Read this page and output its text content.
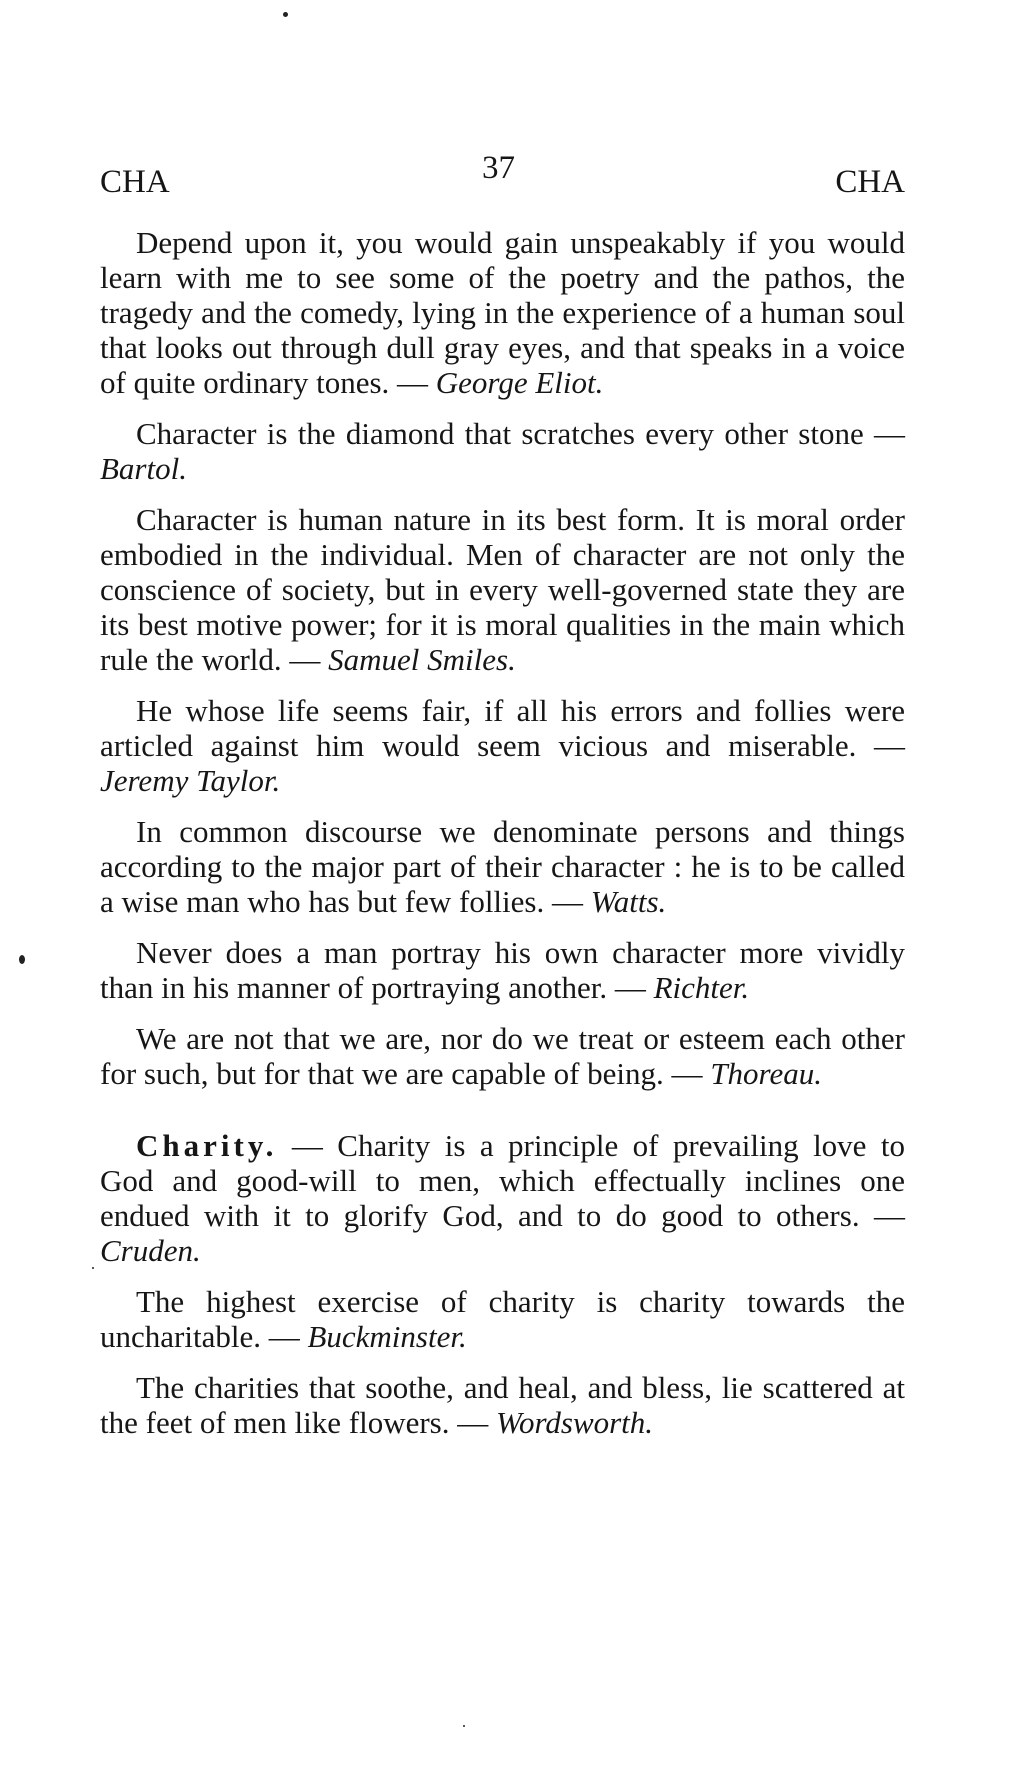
CHA	37	CHA

Depend upon it, you would gain unspeakably if you would learn with me to see some of the poetry and the pathos, the tragedy and the comedy, lying in the experience of a human soul that looks out through dull gray eyes, and that speaks in a voice of quite ordinary tones. — George Eliot.

Character is the diamond that scratches every other stone — Bartol.

Character is human nature in its best form. It is moral order embodied in the individual. Men of character are not only the conscience of society, but in every well-governed state they are its best motive power; for it is moral qualities in the main which rule the world. — Samuel Smiles.

He whose life seems fair, if all his errors and follies were articled against him would seem vicious and miserable. — Jeremy Taylor.

In common discourse we denominate persons and things according to the major part of their character : he is to be called a wise man who has but few follies. — Watts.

Never does a man portray his own character more vividly than in his manner of portraying another. — Richter.

We are not that we are, nor do we treat or esteem each other for such, but for that we are capable of being. — Thoreau.

Charity. — Charity is a principle of prevailing love to God and good-will to men, which effectually inclines one endued with it to glorify God, and to do good to others. — Cruden.

The highest exercise of charity is charity towards the uncharitable. — Buckminster.

The charities that soothe, and heal, and bless, lie scattered at the feet of men like flowers. — Wordsworth.
